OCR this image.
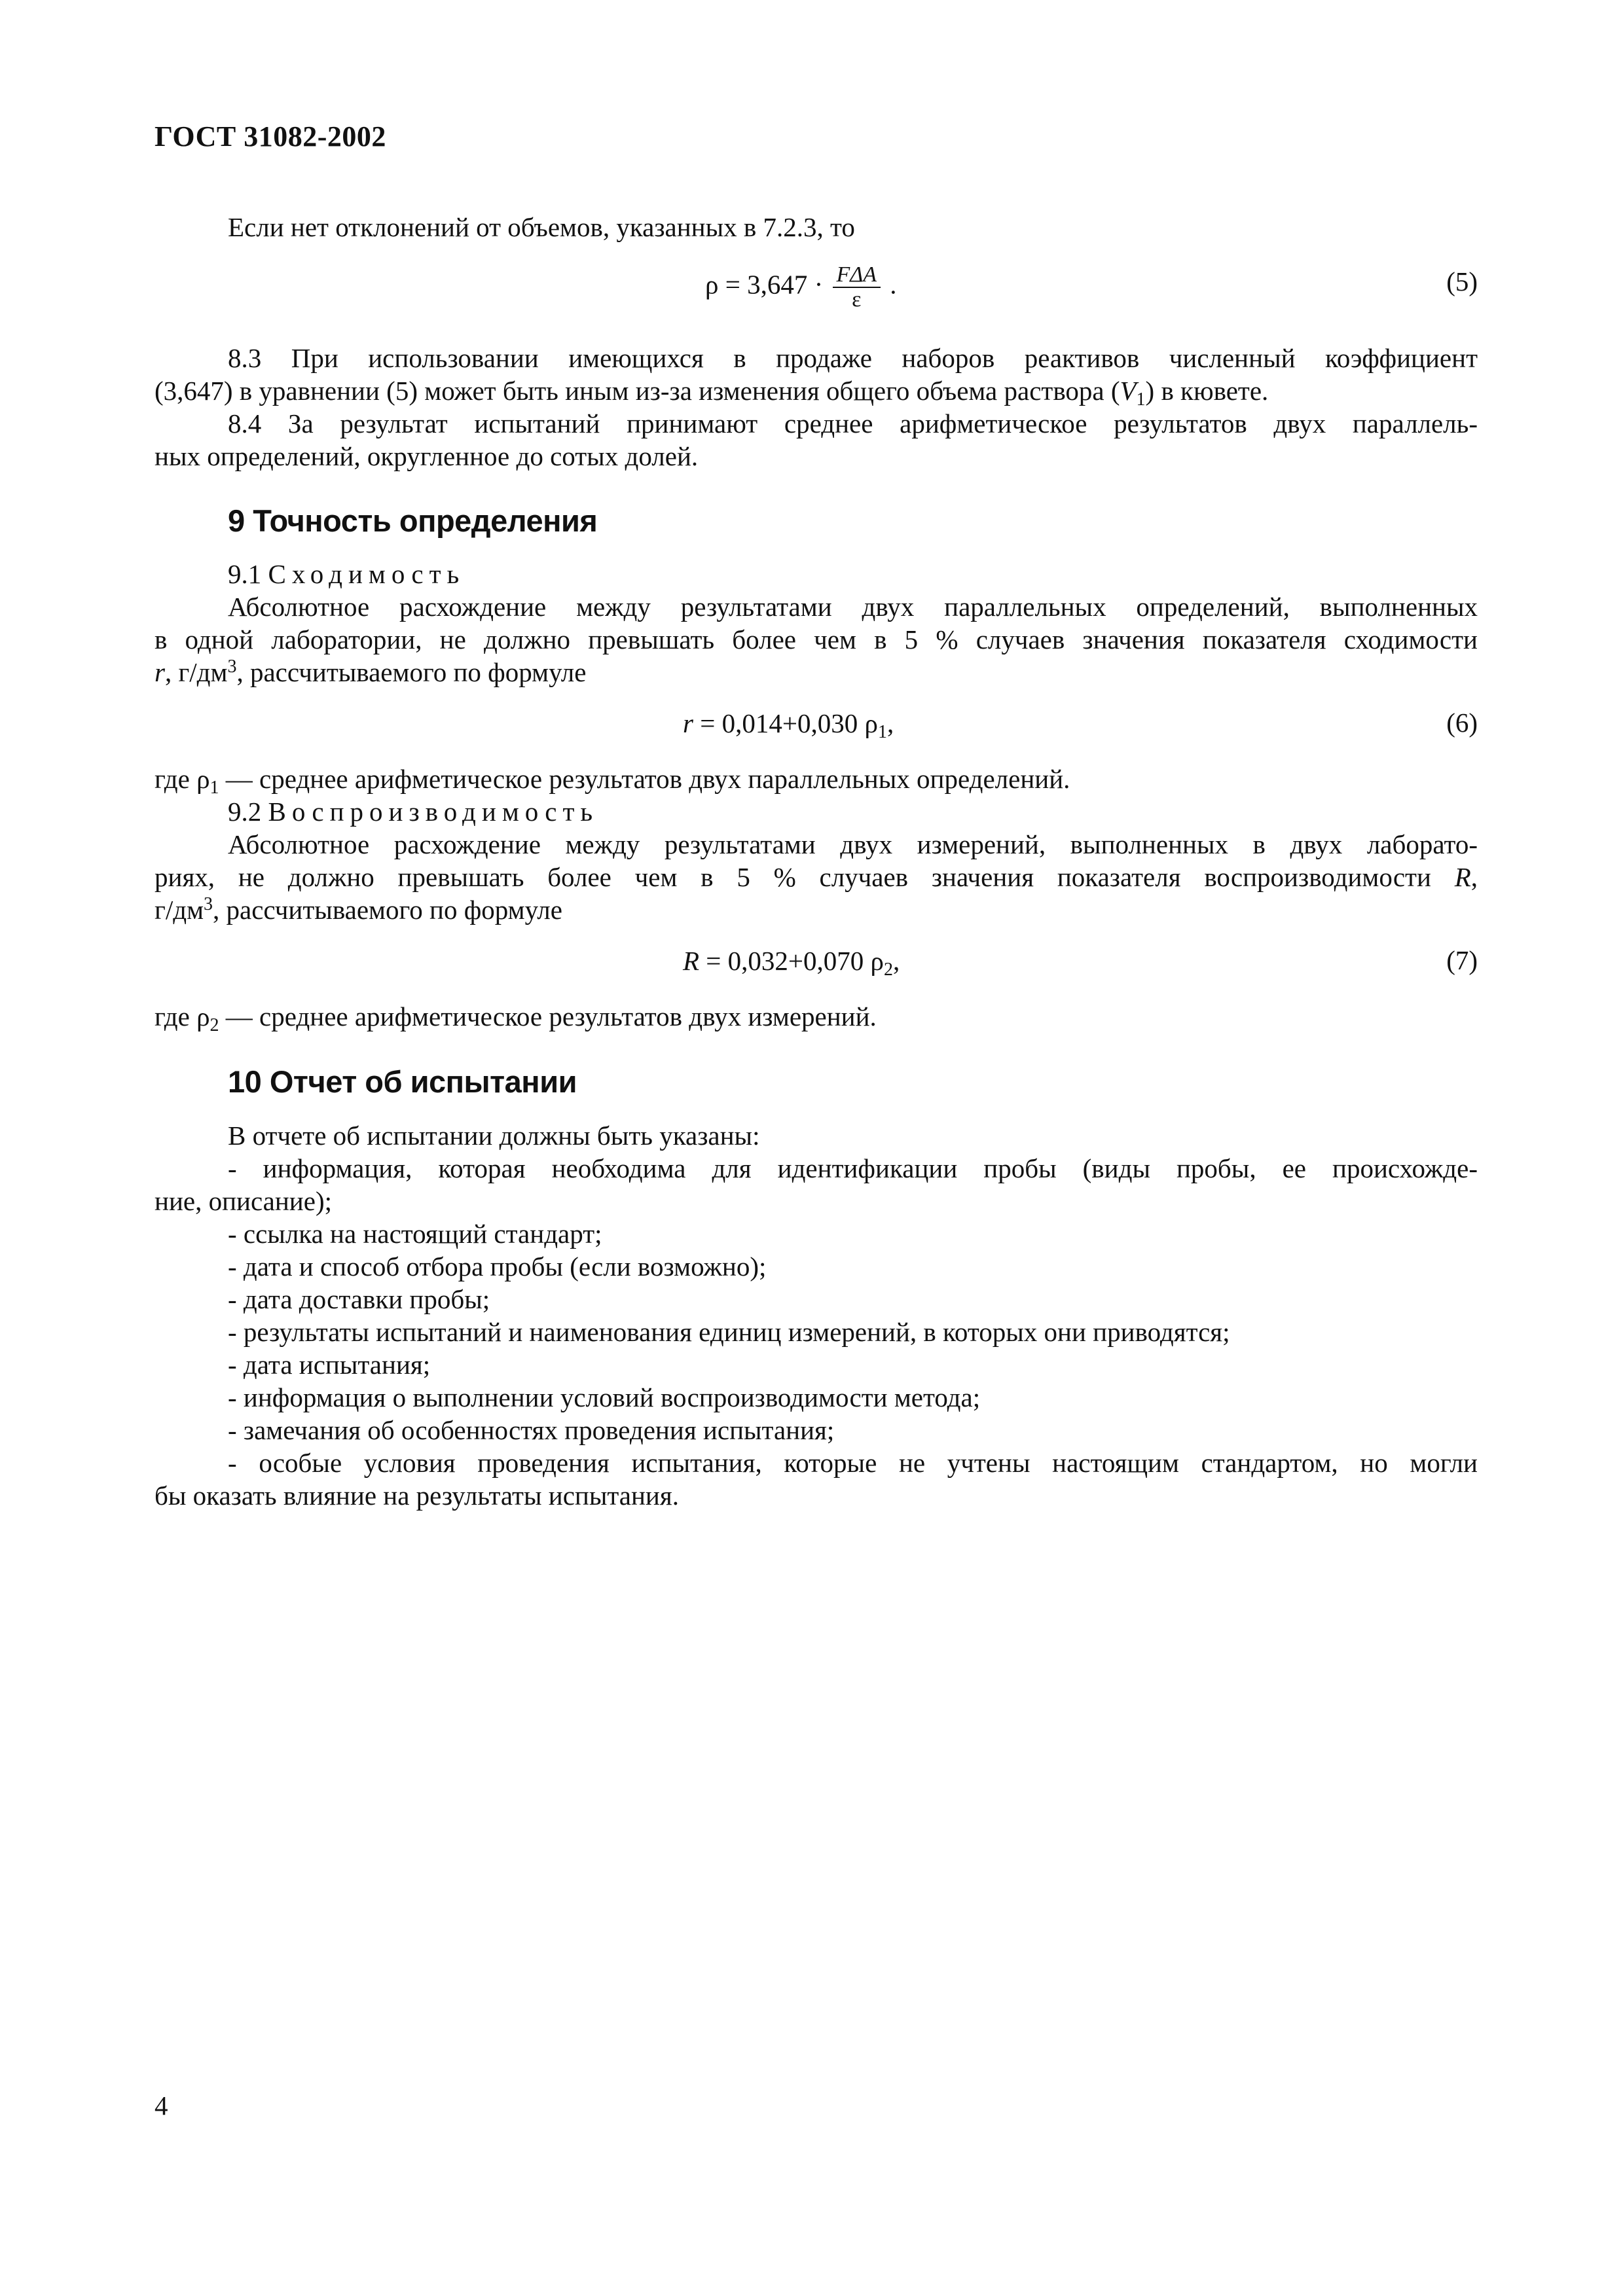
ГОСТ 31082-2002
Если нет отклонений от объемов, указанных в 7.2.3, то
$\rho = 3,647 \cdot \frac{\text{FΔA}}{\varepsilon}$ .	(5)
8.3 При использовании имеющихся в продаже наборов реактивов численный коэффициент
(3,647) в уравнении (5) может быть иным из-за изменения общего объема раствора $(V_1)$ в кювете.
8.4 За результат испытаний принимают среднее арифметическое результатов двух параллель-
ных определений, округленное до сотых долей.
9 Точность определения
9.1 Сходимость
Абсолютное расхождение между результатами двух параллельных определений, выполненных
в одной лаборатории, не должно превышать более чем в 5 % случаев значения показателя сходимости
r, $г/дм^3$, рассчитываемого по формуле
r = 0,014+0,030 $\rho_1$,	(6)
где $\rho_1$ — среднее арифметическое результатов двух параллельных определений.
9.2 Воспроизводимость
Абсолютное расхождение между результатами двух измерений, выполненных в двух лаборато-
риях, не должно превышать более чем в 5 % случаев значения показателя воспроизводимости R,
$г/дм^3$, рассчитываемого по формуле
R = 0,032+0,070 $\rho_2$,	(7)
где $\rho_2$ — среднее арифметическое результатов двух измерений.
10 Отчет об испытании
В отчете об испытании должны быть указаны:
- информация, которая необходима для идентификации пробы (виды пробы, ее происхожде-
ние, описание);
- ссылка на настоящий стандарт;
- дата и способ отбора пробы (если возможно);
- дата доставки пробы;
- результаты испытаний и наименования единиц измерений, в которых они приводятся;
- дата испытания;
- информация о выполнении условий воспроизводимости метода;
- замечания об особенностях проведения испытания;
- особые условия проведения испытания, которые не учтены настоящим стандартом, но могли
бы оказать влияние на результаты испытания.
4
